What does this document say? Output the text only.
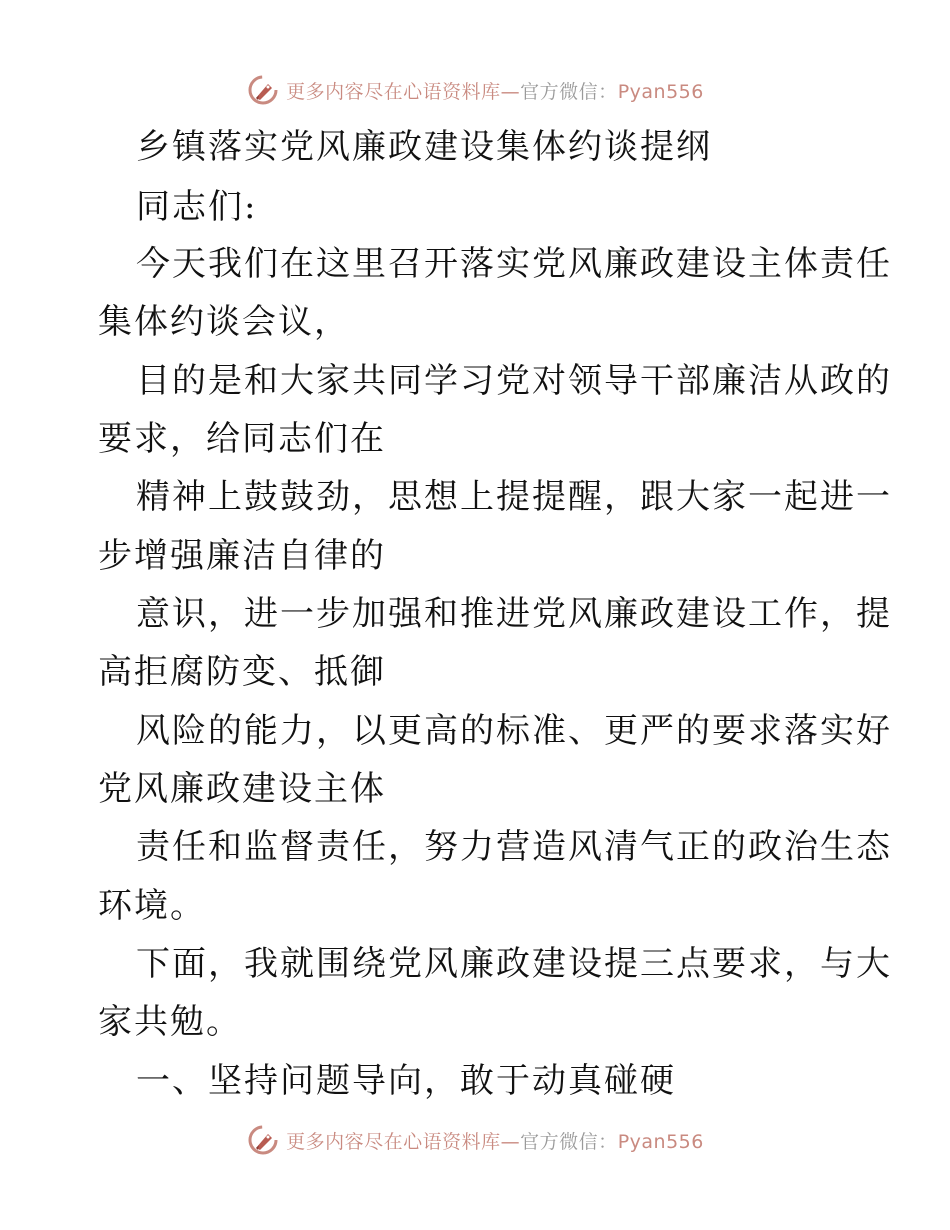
更多内容尽在心语资料库—官方微信：Pyan556
乡镇落实党风廉政建设集体约谈提纲
同志们:
今天我们在这里召开落实党风廉政建设主体责任
集体约谈会议，
目的是和大家共同学习党对领导干部廉洁从政的
要求，给同志们在
精神上鼓鼓劲，思想上提提醒，跟大家一起进一
步增强廉洁自律的
意识，进一步加强和推进党风廉政建设工作，提
高拒腐防变、抵御
风险的能力，以更高的标准、更严的要求落实好
党风廉政建设主体
责任和监督责任，努力营造风清气正的政治生态
环境。
下面，我就围绕党风廉政建设提三点要求，与大
家共勉。
一、坚持问题导向，敢于动真碰硬
更多内容尽在心语资料库—官方微信：Pyan556
